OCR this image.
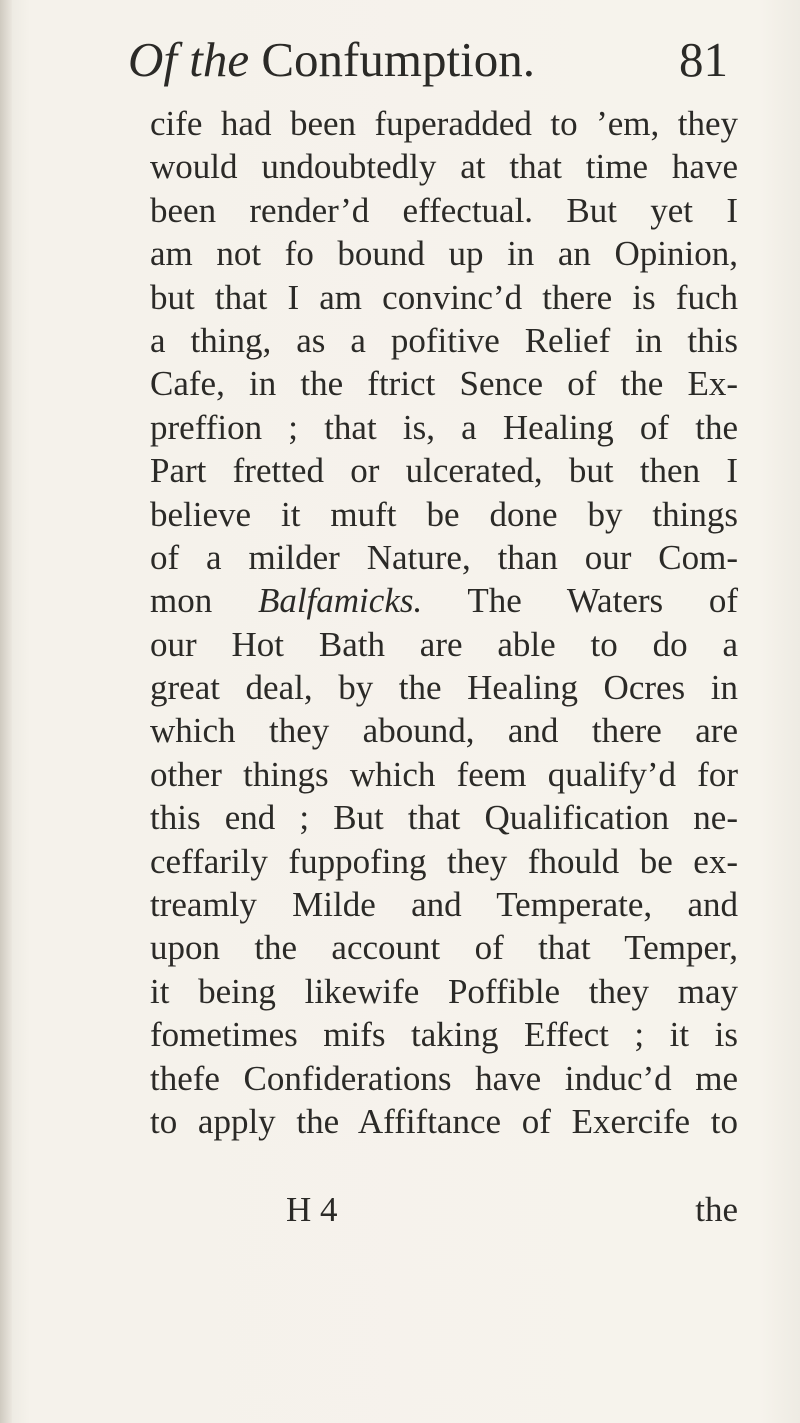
Of the Confumption.	81
cife had been fuperadded to ’em, they
would undoubtedly at that time have
been render’d effectual. But yet I
am not fo bound up in an Opinion,
but that I am convinc’d there is fuch
a thing, as a pofitive Relief in this
Cafe, in the ftrict Sence of the Ex-
preffion ; that is, a Healing of the
Part fretted or ulcerated, but then I
believe it muft be done by things
of a milder Nature, than our Com-
mon Balfamicks. The Waters of
our Hot Bath are able to do a
great deal, by the Healing Ocres in
which they abound, and there are
other things which feem qualify’d for
this end ; But that Qualification ne-
ceffarily fuppofing they fhould be ex-
treamly Milde and Temperate, and
upon the account of that Temper,
it being likewife Poffible they may
fometimes mifs taking Effect ; it is
thefe Confiderations have induc’d me
to apply the Affiftance of Exercife to
H 4	the
